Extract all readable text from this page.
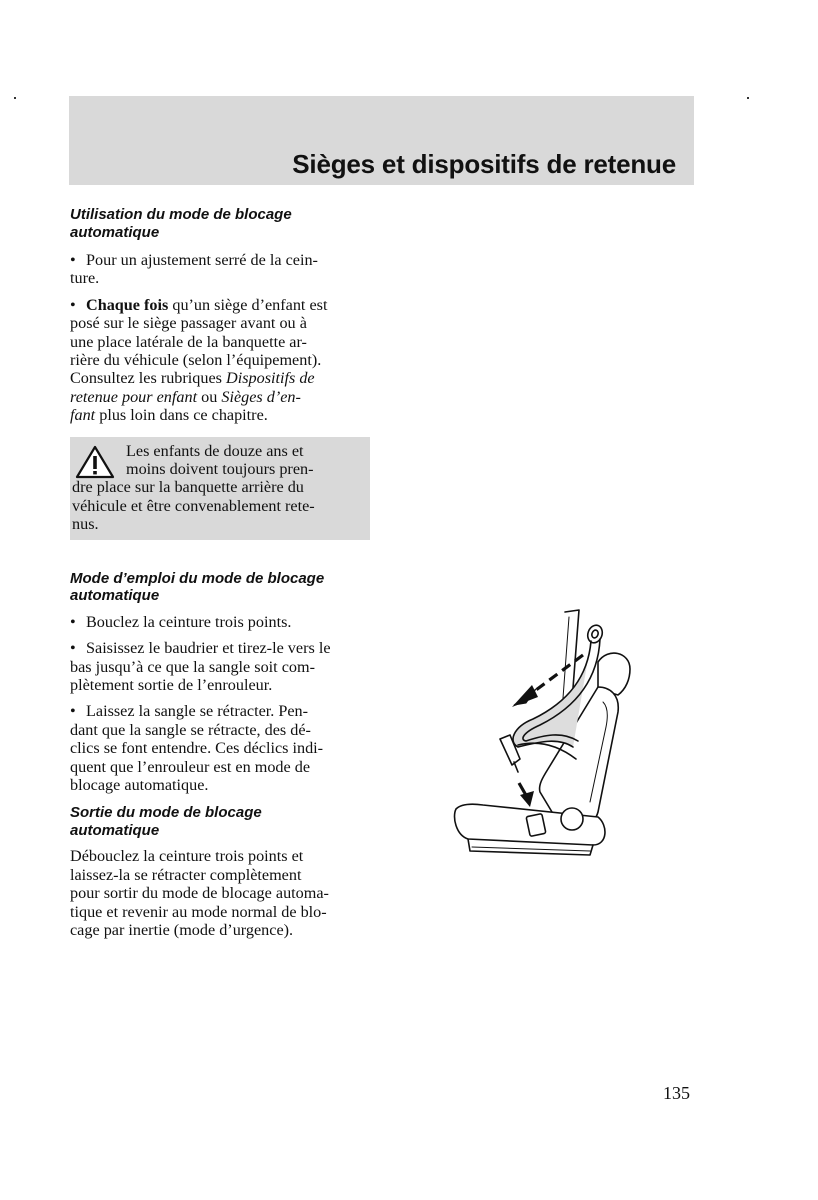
Sièges et dispositifs de retenue
Utilisation du mode de blocage
automatique

• Pour un ajustement serré de la cein-
ture.

• Chaque fois qu’un siège d’enfant est
posé sur le siège passager avant ou à
une place latérale de la banquette ar-
rière du véhicule (selon l’équipement).
Consultez les rubriques Dispositifs de
retenue pour enfant ou Sièges d’en-
fant plus loin dans ce chapitre.

Les enfants de douze ans et
moins doivent toujours pren-
dre place sur la banquette arrière du
véhicule et être convenablement rete-
nus.

Mode d’emploi du mode de blocage
automatique

• Bouclez la ceinture trois points.

• Saisissez le baudrier et tirez-le vers le
bas jusqu’à ce que la sangle soit com-
plètement sortie de l’enrouleur.

• Laissez la sangle se rétracter. Pen-
dant que la sangle se rétracte, des dé-
clics se font entendre. Ces déclics indi-
quent que l’enrouleur est en mode de
blocage automatique.

Sortie du mode de blocage
automatique

Débouclez la ceinture trois points et
laissez-la se rétracter complètement
pour sortir du mode de blocage automa-
tique et revenir au mode normal de blo-
cage par inertie (mode d’urgence).

135
